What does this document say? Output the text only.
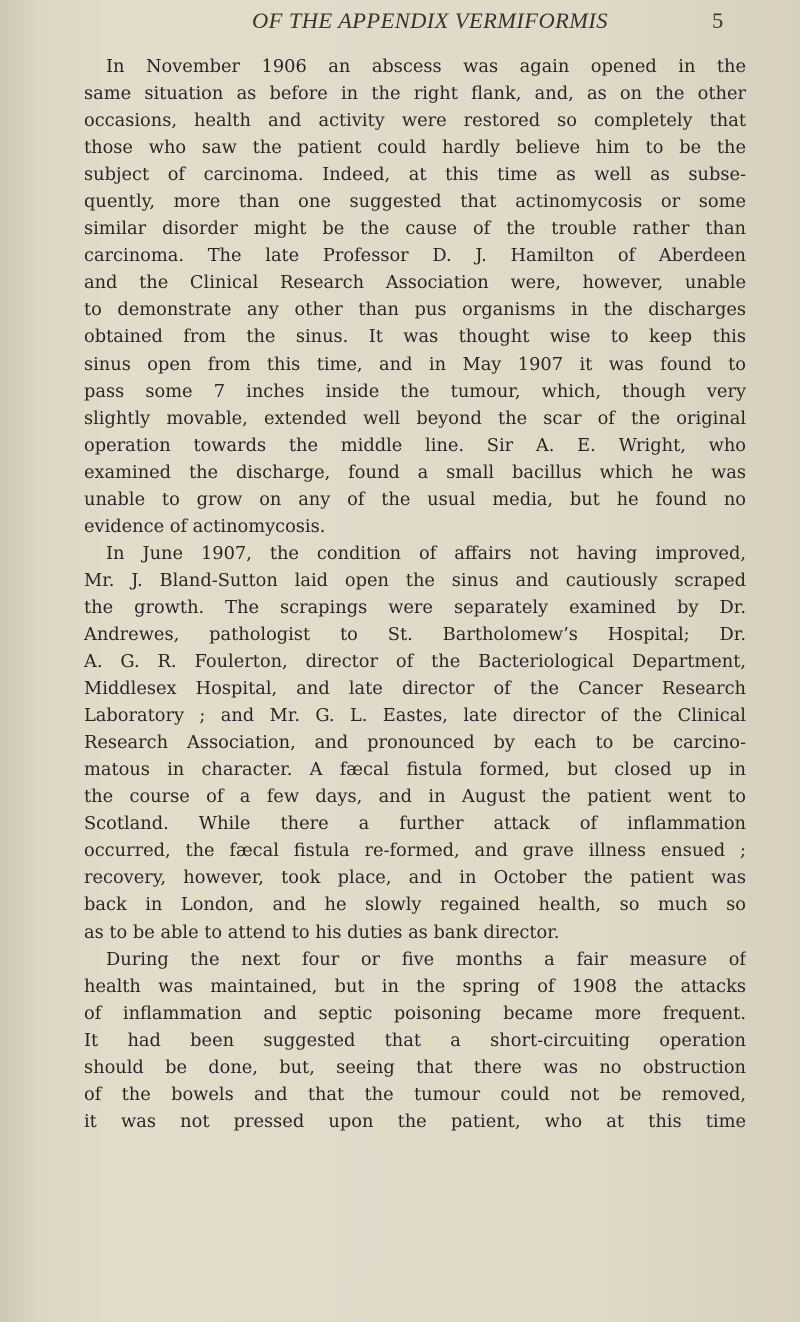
OF THE APPENDIX VERMIFORMIS	5
In November 1906 an abscess was again opened in the
same situation as before in the right flank, and, as on the other
occasions, health and activity were restored so completely that
those who saw the patient could hardly believe him to be the
subject of carcinoma. Indeed, at this time as well as subse-
quently, more than one suggested that actinomycosis or some
similar disorder might be the cause of the trouble rather than
carcinoma. The late Professor D. J. Hamilton of Aberdeen
and the Clinical Research Association were, however, unable
to demonstrate any other than pus organisms in the discharges
obtained from the sinus. It was thought wise to keep this
sinus open from this time, and in May 1907 it was found to
pass some 7 inches inside the tumour, which, though very
slightly movable, extended well beyond the scar of the original
operation towards the middle line. Sir A. E. Wright, who
examined the discharge, found a small bacillus which he was
unable to grow on any of the usual media, but he found no
evidence of actinomycosis.
In June 1907, the condition of affairs not having improved,
Mr. J. Bland-Sutton laid open the sinus and cautiously scraped
the growth. The scrapings were separately examined by Dr.
Andrewes, pathologist to St. Bartholomew’s Hospital; Dr.
A. G. R. Foulerton, director of the Bacteriological Department,
Middlesex Hospital, and late director of the Cancer Research
Laboratory ; and Mr. G. L. Eastes, late director of the Clinical
Research Association, and pronounced by each to be carcino-
matous in character. A fæcal fistula formed, but closed up in
the course of a few days, and in August the patient went to
Scotland. While there a further attack of inflammation
occurred, the fæcal fistula re-formed, and grave illness ensued ;
recovery, however, took place, and in October the patient was
back in London, and he slowly regained health, so much so
as to be able to attend to his duties as bank director.
During the next four or five months a fair measure of
health was maintained, but in the spring of 1908 the attacks
of inflammation and septic poisoning became more frequent.
It had been suggested that a short-circuiting operation
should be done, but, seeing that there was no obstruction
of the bowels and that the tumour could not be removed,
it was not pressed upon the patient, who at this time
